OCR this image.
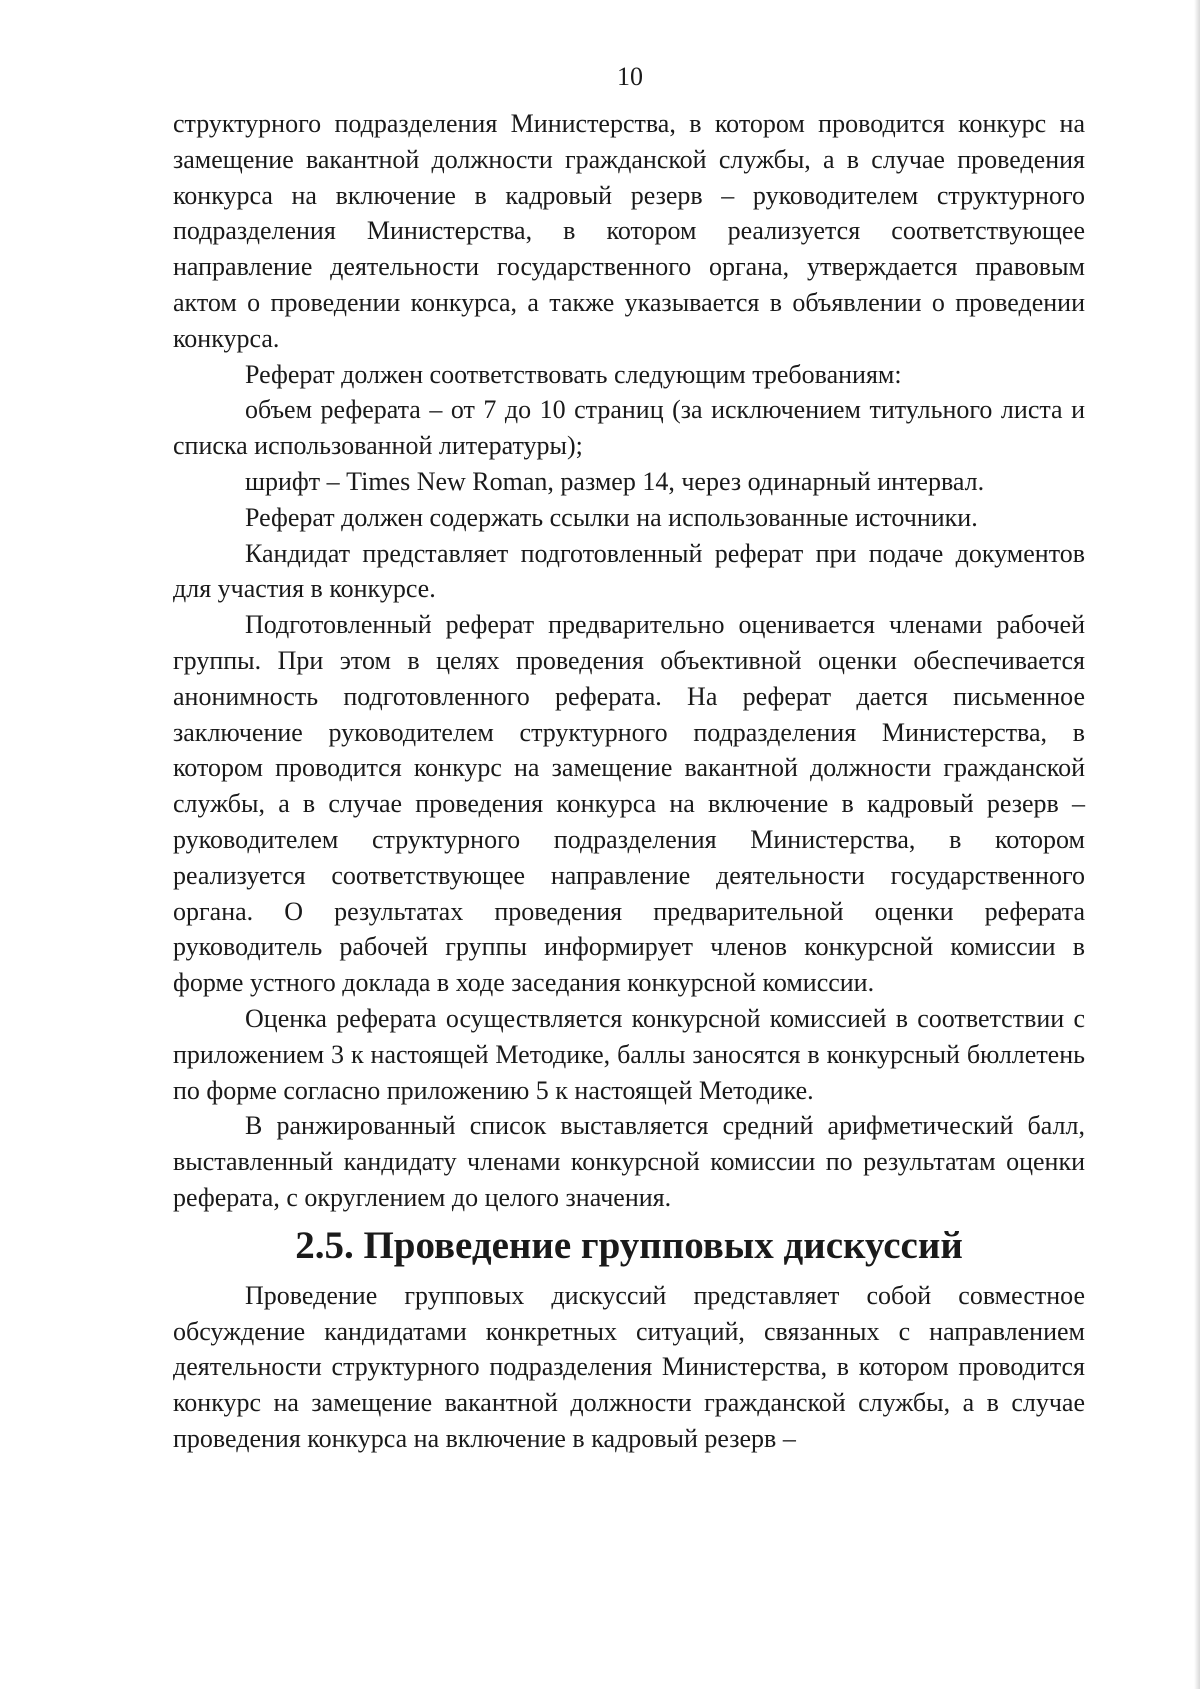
10

структурного подразделения Министерства, в котором проводится конкурс на замещение вакантной должности гражданской службы, а в случае проведения конкурса на включение в кадровый резерв – руководителем структурного подразделения Министерства, в котором реализуется соответствующее направление деятельности государственного органа, утверждается правовым актом о проведении конкурса, а также указывается в объявлении о проведении конкурса.

Реферат должен соответствовать следующим требованиям:

объем реферата – от 7 до 10 страниц (за исключением титульного листа и списка использованной литературы);

шрифт – Times New Roman, размер 14, через одинарный интервал.

Реферат должен содержать ссылки на использованные источники.

Кандидат представляет подготовленный реферат при подаче документов для участия в конкурсе.

Подготовленный реферат предварительно оценивается членами рабочей группы. При этом в целях проведения объективной оценки обеспечивается анонимность подготовленного реферата. На реферат дается письменное заключение руководителем структурного подразделения Министерства, в котором проводится конкурс на замещение вакантной должности гражданской службы, а в случае проведения конкурса на включение в кадровый резерв – руководителем структурного подразделения Министерства, в котором реализуется соответствующее направление деятельности государственного органа. О результатах проведения предварительной оценки реферата руководитель рабочей группы информирует членов конкурсной комиссии в форме устного доклада в ходе заседания конкурсной комиссии.

Оценка реферата осуществляется конкурсной комиссией в соответствии с приложением 3 к настоящей Методике, баллы заносятся в конкурсный бюллетень по форме согласно приложению 5 к настоящей Методике.

В ранжированный список выставляется средний арифметический балл, выставленный кандидату членами конкурсной комиссии по результатам оценки реферата, с округлением до целого значения.

2.5. Проведение групповых дискуссий

Проведение групповых дискуссий представляет собой совместное обсуждение кандидатами конкретных ситуаций, связанных с направлением деятельности структурного подразделения Министерства, в котором проводится конкурс на замещение вакантной должности гражданской службы, а в случае проведения конкурса на включение в кадровый резерв –
